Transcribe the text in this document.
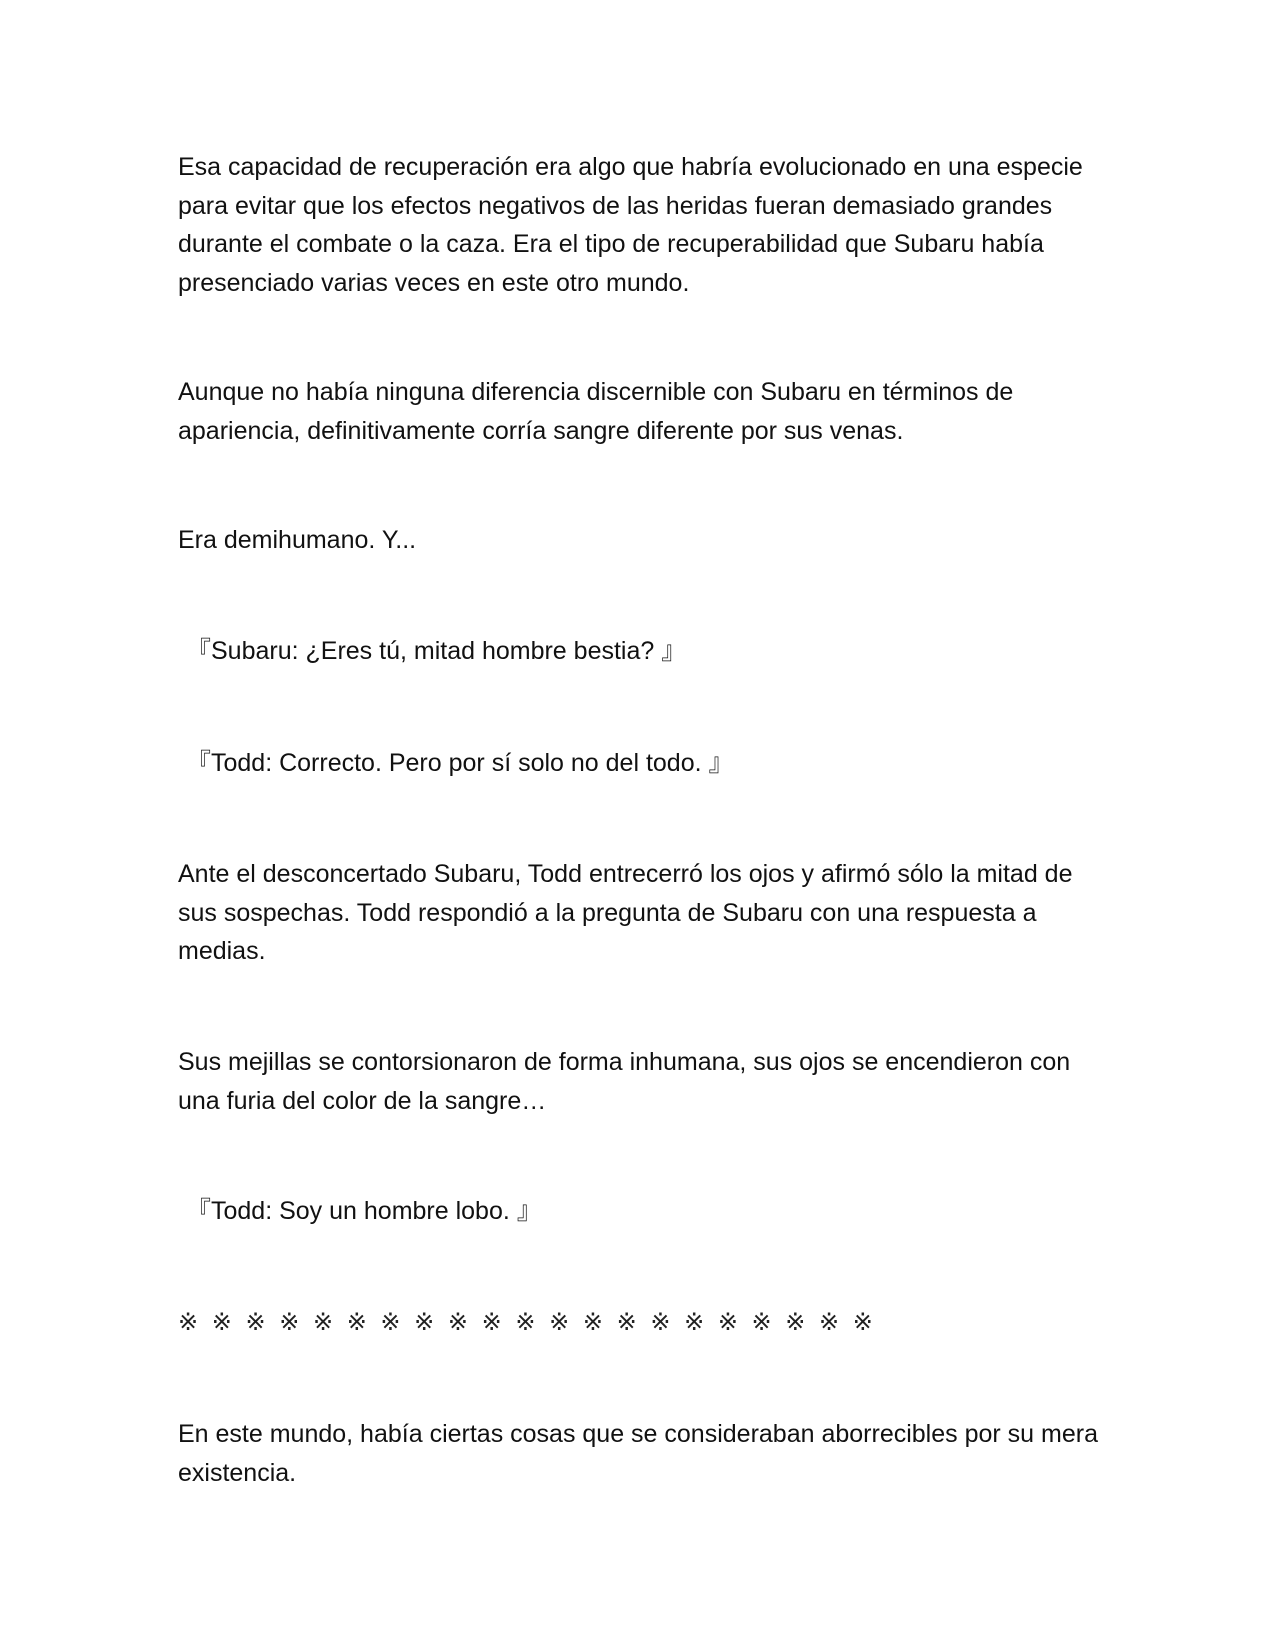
Esa capacidad de recuperación era algo que habría evolucionado en una especie para evitar que los efectos negativos de las heridas fueran demasiado grandes durante el combate o la caza. Era el tipo de recuperabilidad que Subaru había presenciado varias veces en este otro mundo.

Aunque no había ninguna diferencia discernible con Subaru en términos de apariencia, definitivamente corría sangre diferente por sus venas.

Era demihumano. Y...

『Subaru: ¿Eres tú, mitad hombre bestia? 』

『Todd: Correcto. Pero por sí solo no del todo. 』

Ante el desconcertado Subaru, Todd entrecerró los ojos y afirmó sólo la mitad de sus sospechas. Todd respondió a la pregunta de Subaru con una respuesta a medias.

Sus mejillas se contorsionaron de forma inhumana, sus ojos se encendieron con una furia del color de la sangre…

『Todd: Soy un hombre lobo. 』

※ ※ ※ ※ ※ ※ ※ ※ ※ ※ ※ ※ ※ ※ ※ ※ ※ ※ ※ ※ ※

En este mundo, había ciertas cosas que se consideraban aborrecibles por su mera existencia.
